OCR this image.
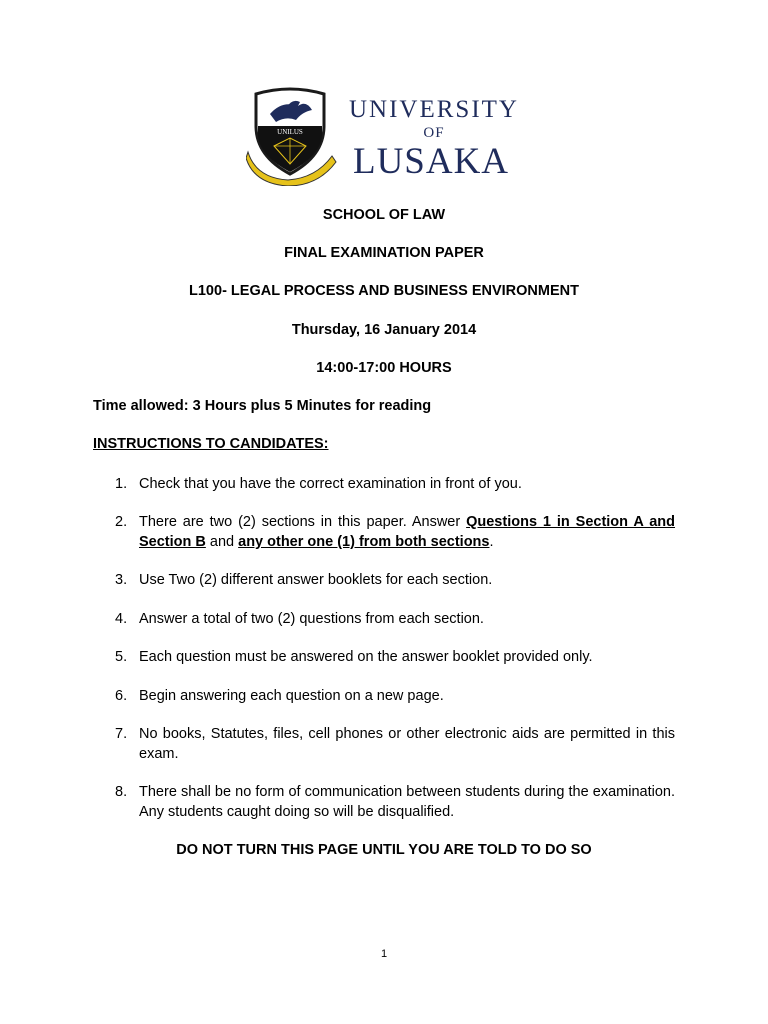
UNILUS
UNIVERSITY
OF
LUSAKA
SCHOOL OF LAW
FINAL EXAMINATION PAPER
L100- LEGAL PROCESS AND BUSINESS ENVIRONMENT
Thursday, 16 January 2014
14:00-17:00 HOURS
Time allowed: 3 Hours plus 5 Minutes for reading
INSTRUCTIONS TO CANDIDATES:
1. Check that you have the correct examination in front of you.
2. There are two (2) sections in this paper. Answer Questions 1 in Section A and Section B and any other one (1) from both sections.
3. Use Two (2) different answer booklets for each section.
4. Answer a total of two (2) questions from each section.
5. Each question must be answered on the answer booklet provided only.
6. Begin answering each question on a new page.
7. No books, Statutes, files, cell phones or other electronic aids are permitted in this exam.
8. There shall be no form of communication between students during the examination. Any students caught doing so will be disqualified.
DO NOT TURN THIS PAGE UNTIL YOU ARE TOLD TO DO SO
1
